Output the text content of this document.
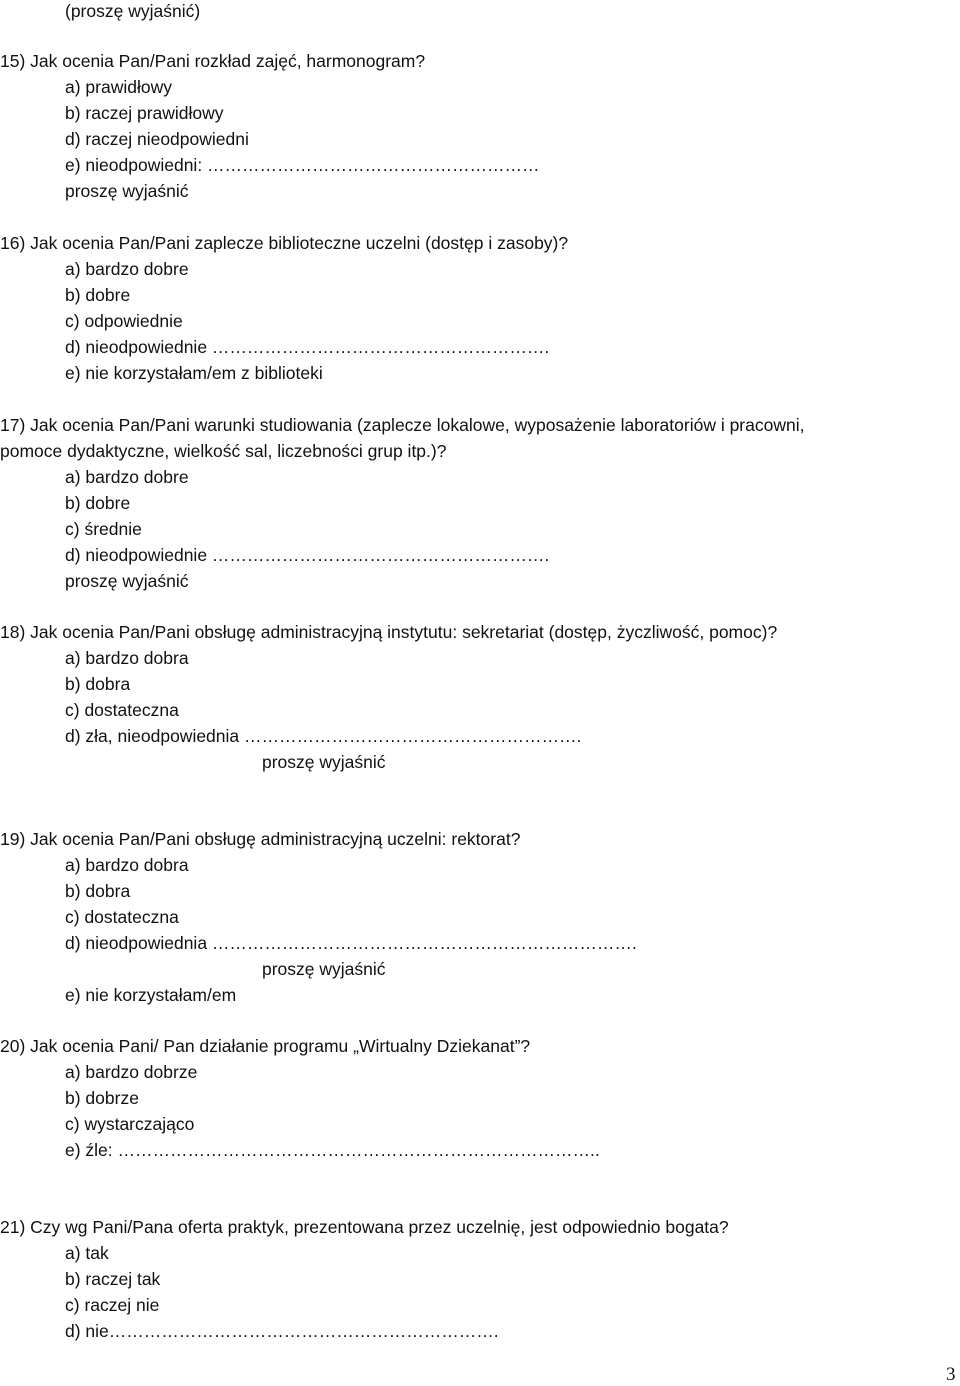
(proszę wyjaśnić)
15) Jak ocenia Pan/Pani rozkład zajęć, harmonogram?
a) prawidłowy
b) raczej prawidłowy
d) raczej nieodpowiedni
e) nieodpowiedni: …………………………………………………
proszę wyjaśnić
16) Jak ocenia Pan/Pani zaplecze biblioteczne uczelni (dostęp i zasoby)?
a) bardzo dobre
b) dobre
c) odpowiednie
d) nieodpowiednie ………………………………………………….
e) nie korzystałam/em z biblioteki
17) Jak ocenia Pan/Pani warunki studiowania (zaplecze lokalowe, wyposażenie laboratoriów i pracowni,
pomoce dydaktyczne, wielkość sal, liczebności grup itp.)?
a) bardzo dobre
b) dobre
c) średnie
d) nieodpowiednie ………………………………………………….
proszę wyjaśnić
18) Jak ocenia Pan/Pani obsługę administracyjną instytutu: sekretariat (dostęp, życzliwość, pomoc)?
a) bardzo dobra
b) dobra
c) dostateczna
d) zła, nieodpowiednia ………………………………………………….
proszę wyjaśnić
19) Jak ocenia Pan/Pani obsługę administracyjną uczelni: rektorat?
a) bardzo dobra
b) dobra
c) dostateczna
d) nieodpowiednia ……………………………………………………………….
proszę wyjaśnić
e) nie korzystałam/em
20) Jak ocenia Pani/ Pan działanie programu „Wirtualny Dziekanat”?
a) bardzo dobrze
b) dobrze
c) wystarczająco
e) źle: ………………………………………………………………………..
21) Czy wg Pani/Pana oferta praktyk, prezentowana przez uczelnię, jest odpowiednio bogata?
a) tak
b) raczej tak
c) raczej nie
d) nie………………………………………………………….
3
